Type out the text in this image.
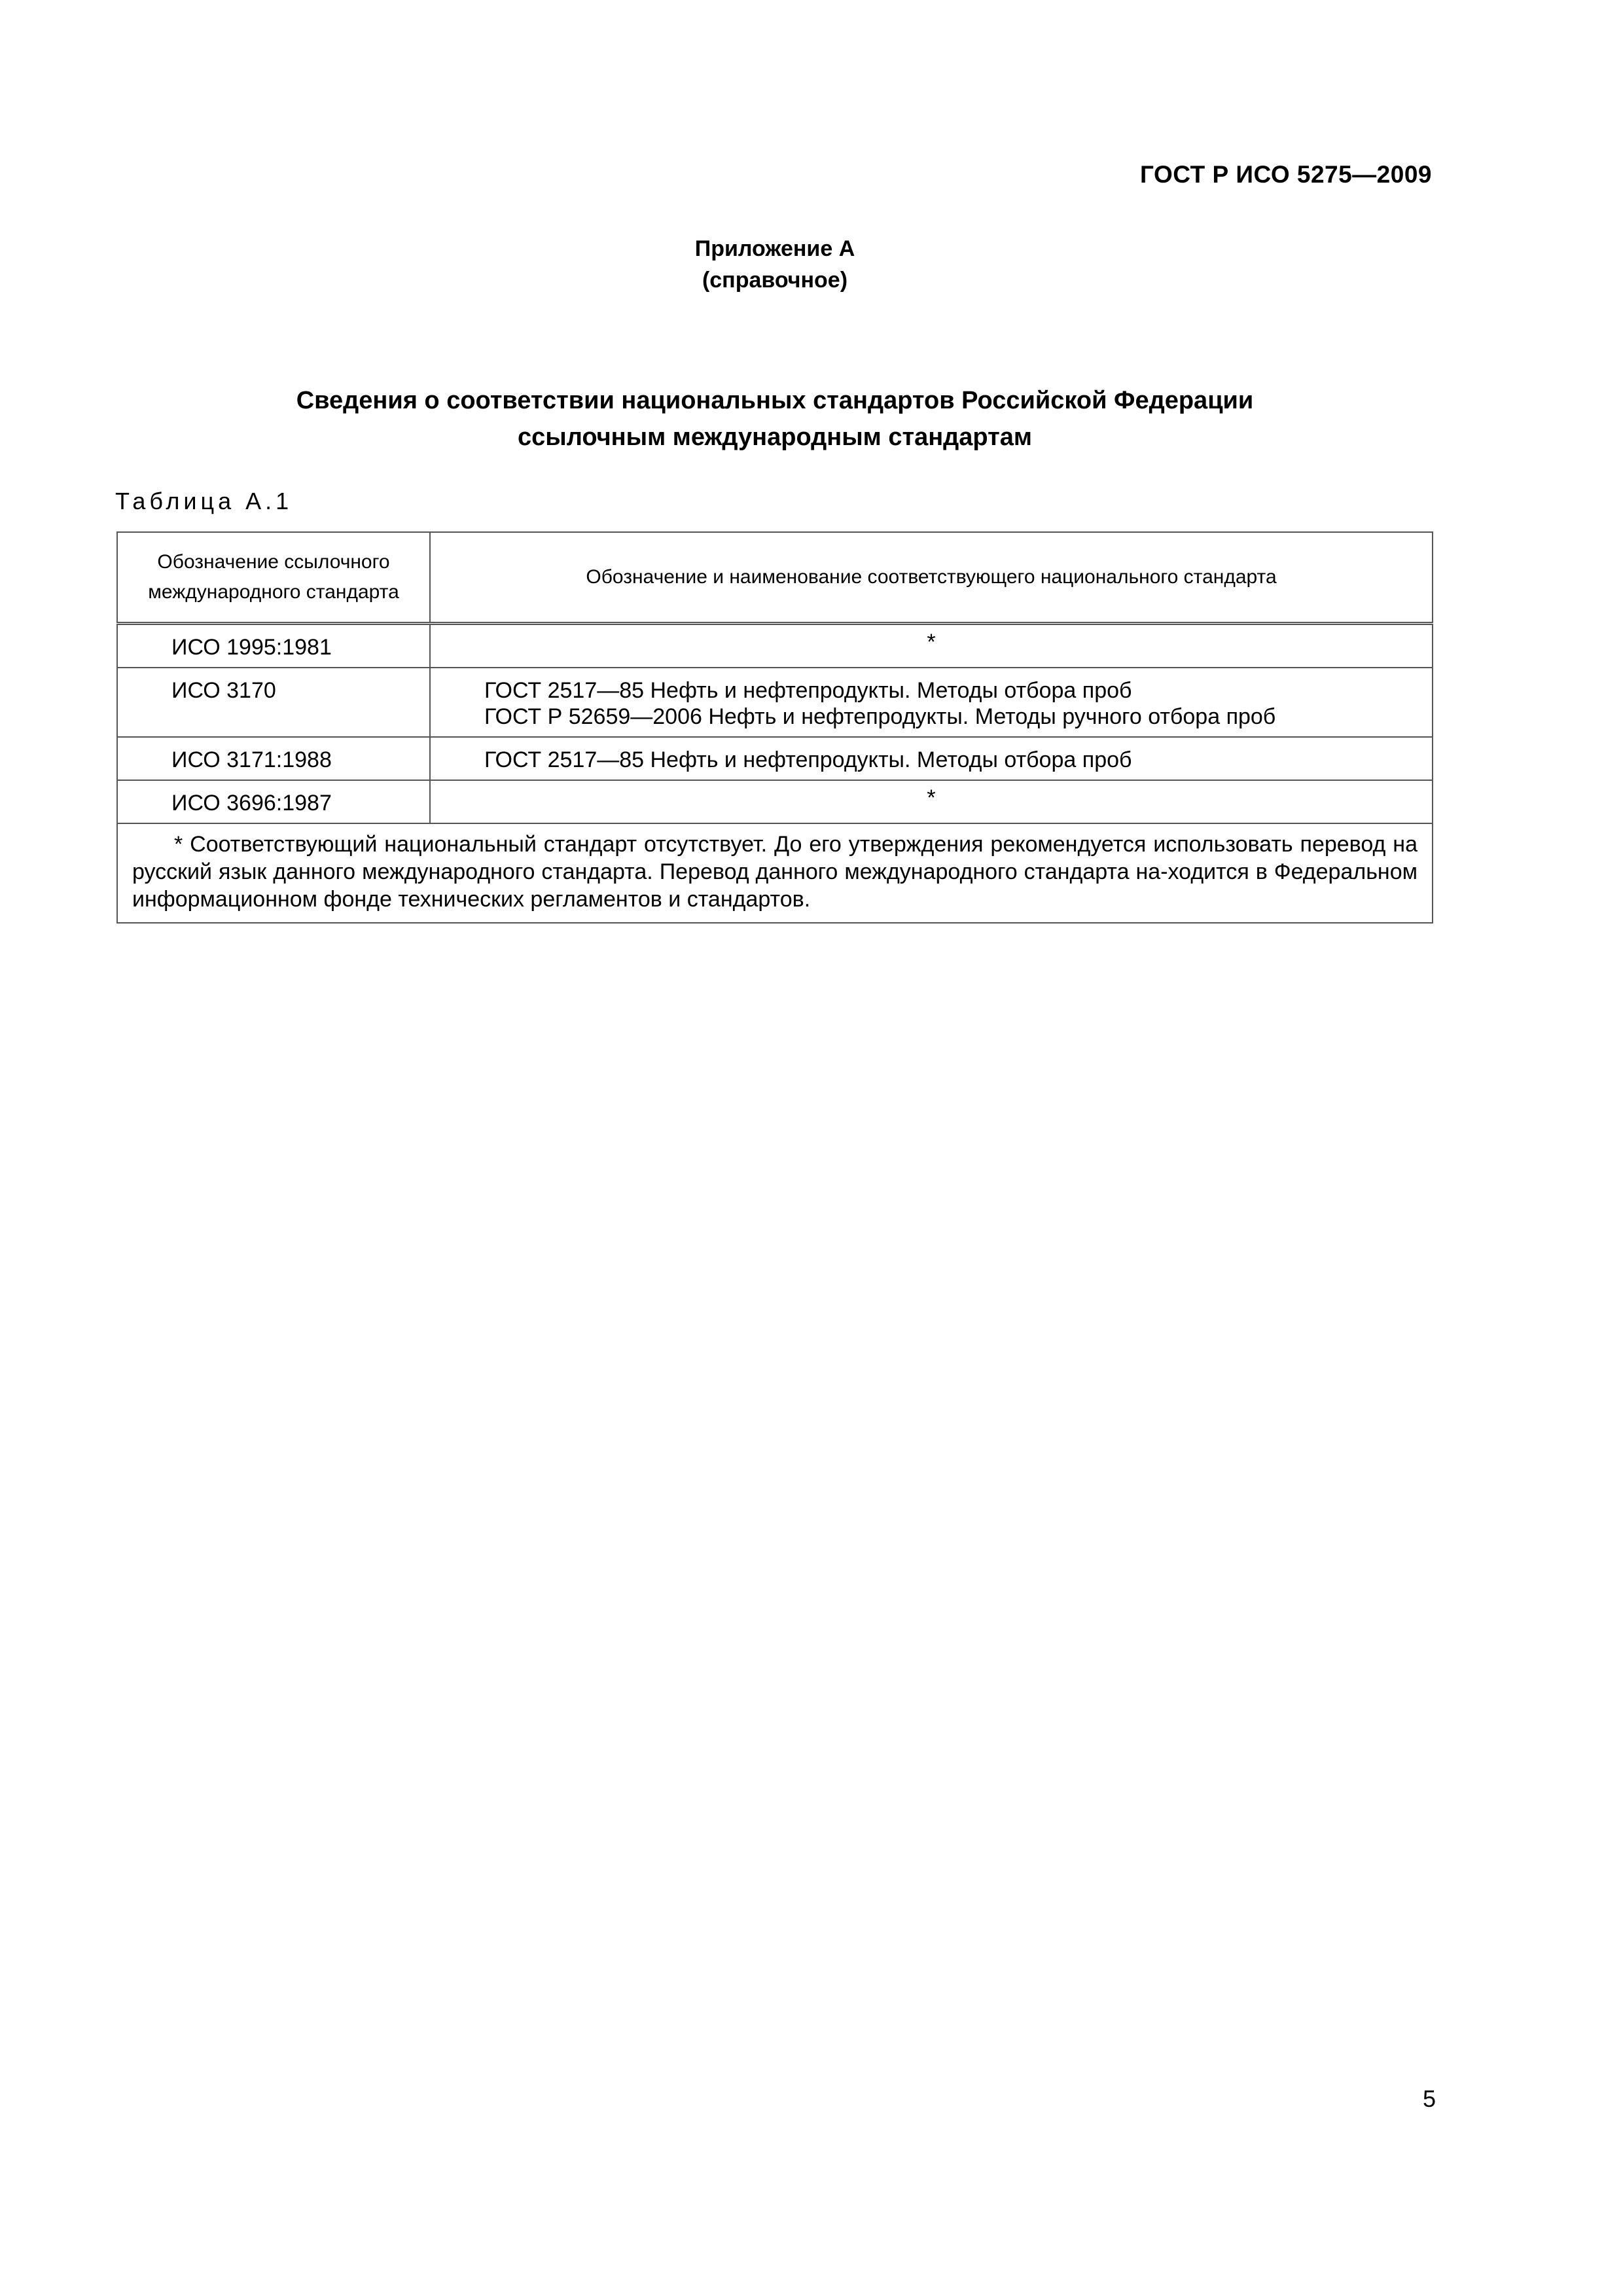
ГОСТ Р ИСО 5275—2009
Приложение А
(справочное)
Сведения о соответствии национальных стандартов Российской Федерации
ссылочным международным стандартам
Таблица А.1
Обозначение ссылочного международного стандарта	Обозначение и наименование соответствующего национального стандарта
ИСО 1995:1981	*
ИСО 3170	ГОСТ 2517—85 Нефть и нефтепродукты. Методы отбора проб
ГОСТ Р 52659—2006 Нефть и нефтепродукты. Методы ручного отбора проб

ИСО 3171:1988	ГОСТ 2517—85 Нефть и нефтепродукты. Методы отбора проб
ИСО 3696:1987	*
* Соответствующий национальный стандарт отсутствует. До его утверждения рекомендуется использовать перевод на русский язык данного международного стандарта. Перевод данного международного стандарта на-ходится в Федеральном информационном фонде технических регламентов и стандартов.	
5
